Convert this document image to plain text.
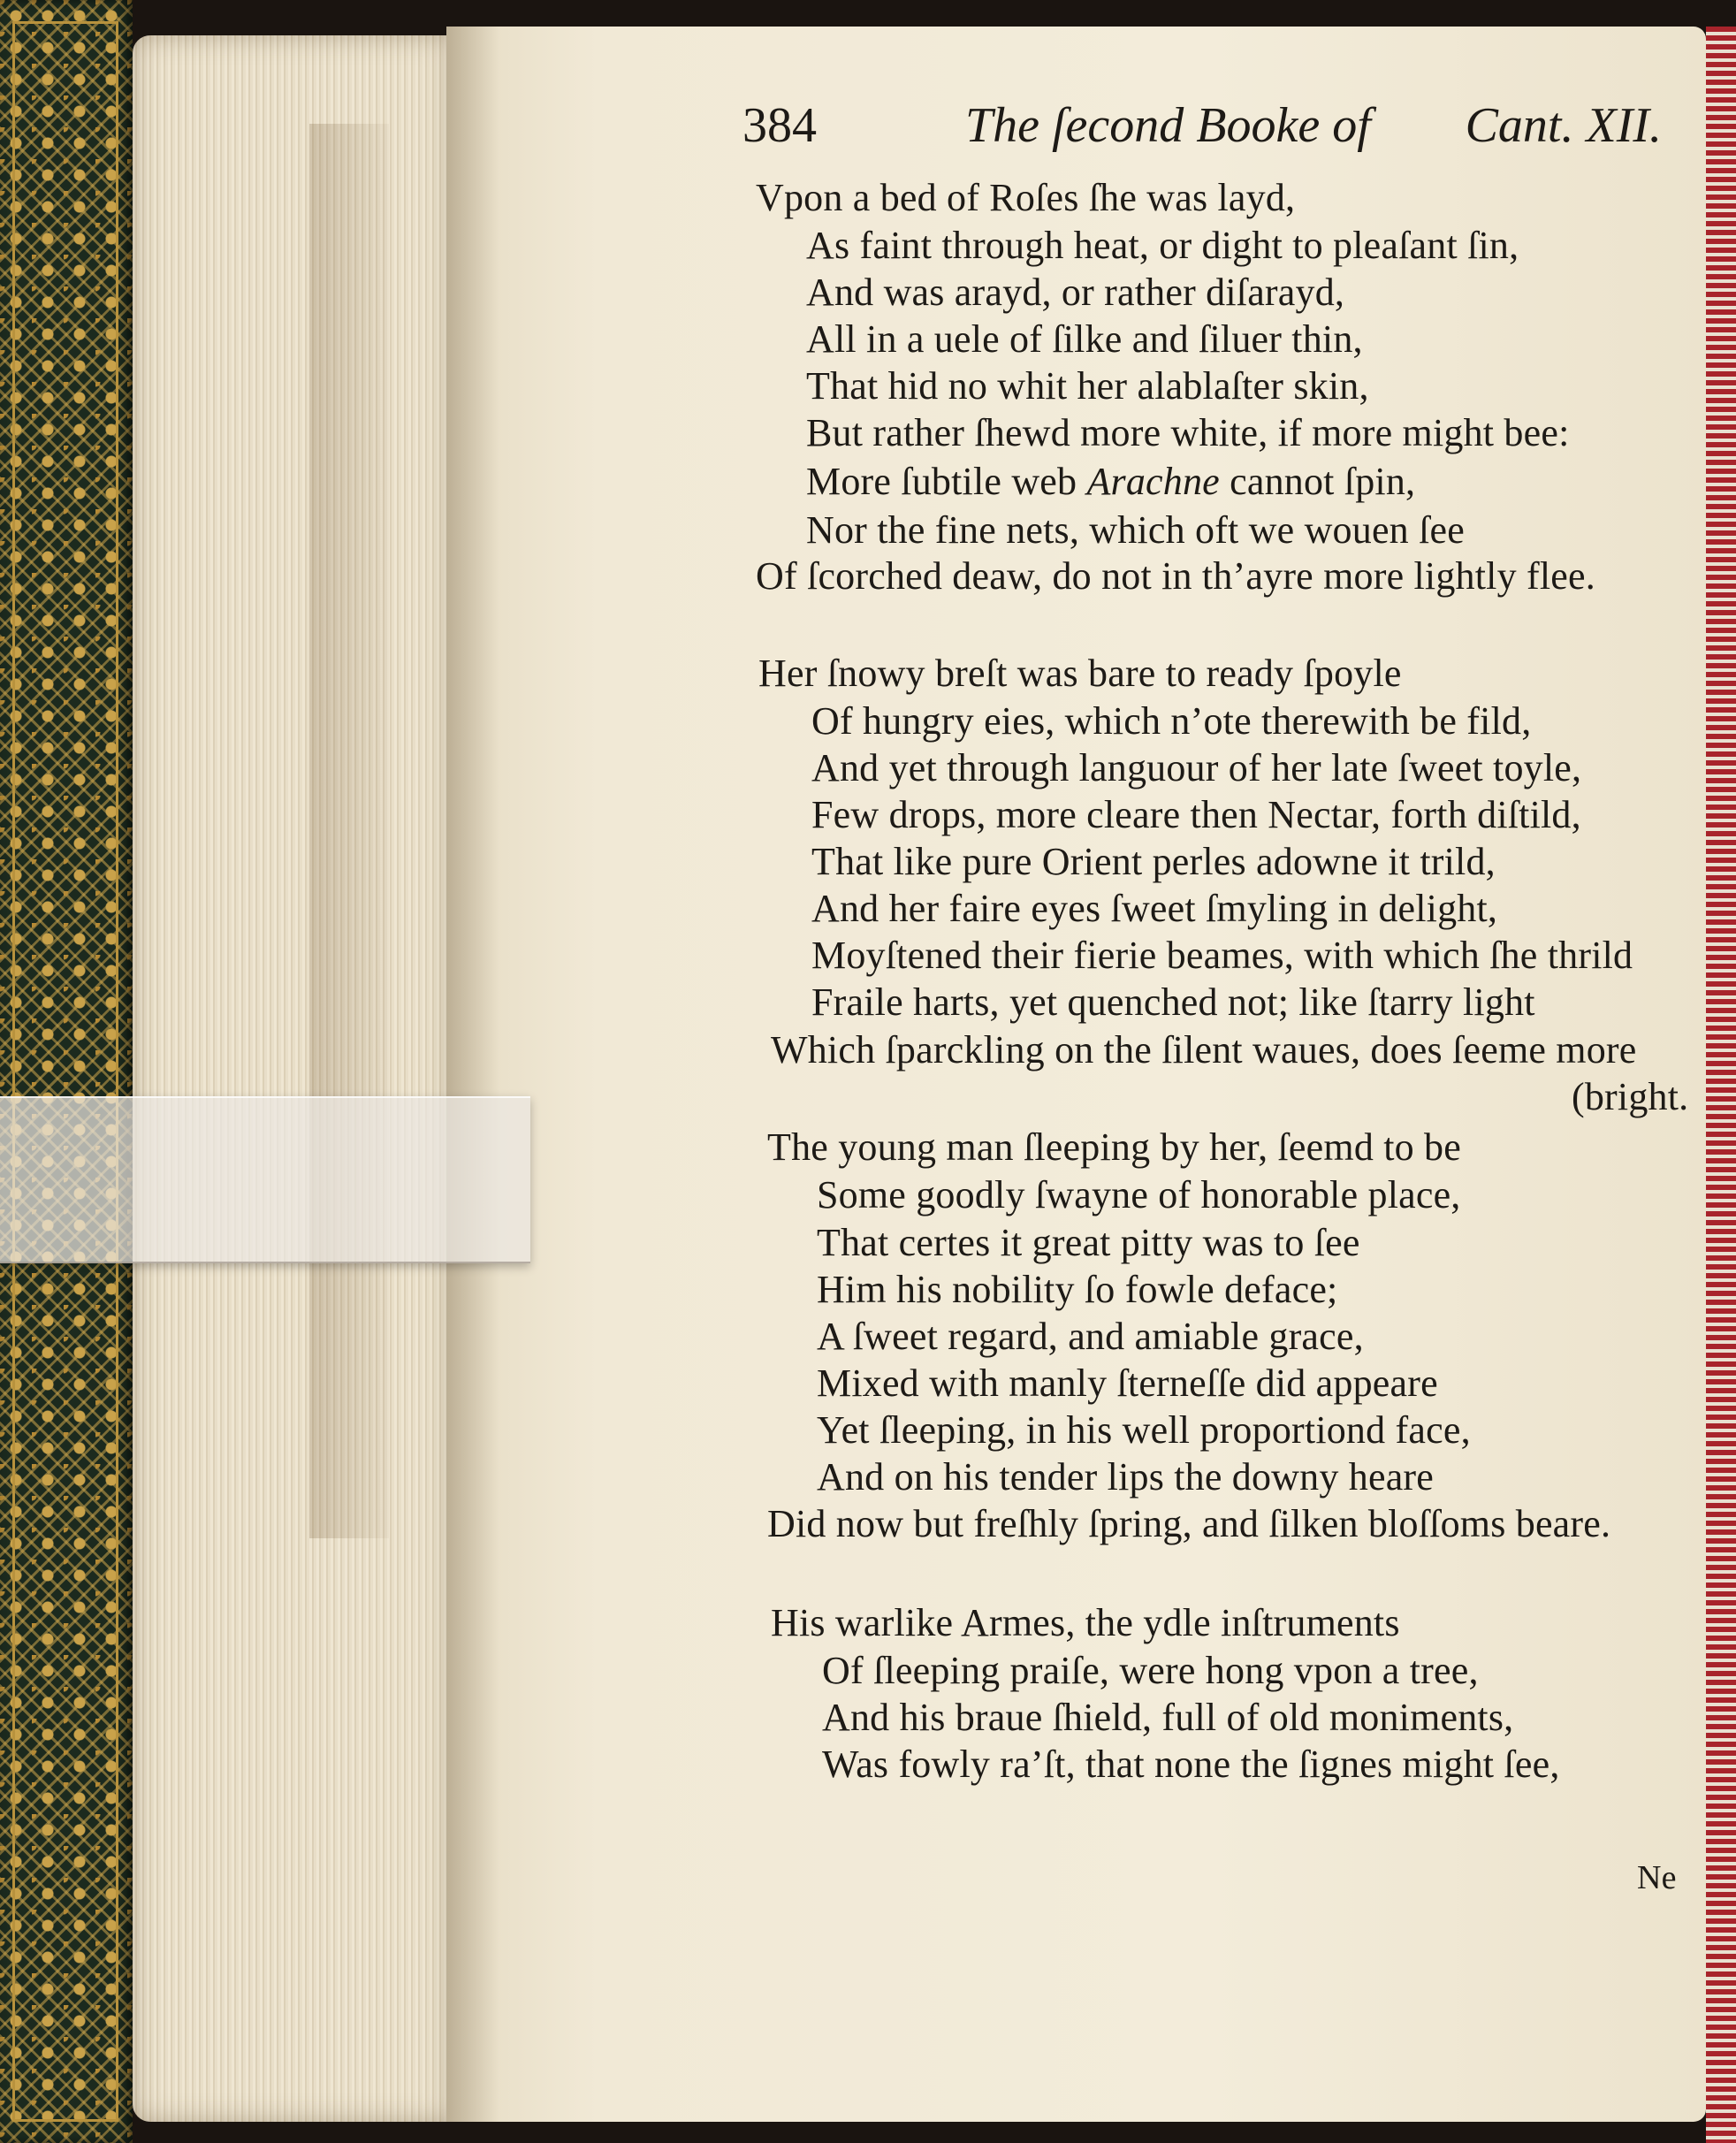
384	The ſecond Booke of Cant. XII.
Vpon a bed of Roſes ſhe was layd,
As faint through heat, or dight to pleaſant ſin,
And was arayd, or rather diſarayd,
All in a uele of ſilke and ſiluer thin,
That hid no whit her alablaſter skin,
But rather ſhewd more white, if more might bee:
More ſubtile web Arachne cannot ſpin,
Nor the fine nets, which oft we wouen ſee
Of ſcorched deaw, do not in th’ayre more lightly flee.
Her ſnowy breſt was bare to ready ſpoyle
Of hungry eies, which n’ote therewith be fild,
And yet through languour of her late ſweet toyle,
Few drops, more cleare then Nectar, forth diſtild,
That like pure Orient perles adowne it trild,
And her faire eyes ſweet ſmyling in delight,
Moyſtened their fierie beames, with which ſhe thrild
Fraile harts, yet quenched not; like ſtarry light
Which ſparckling on the ſilent waues, does ſeeme more
(bright.
The young man ſleeping by her, ſeemd to be
Some goodly ſwayne of honorable place,
That certes it great pitty was to ſee
Him his nobility ſo fowle deface;
A ſweet regard, and amiable grace,
Mixed with manly ſterneſſe did appeare
Yet ſleeping, in his well proportiond face,
And on his tender lips the downy heare
Did now but freſhly ſpring, and ſilken bloſſoms beare.
His warlike Armes, the ydle inſtruments
Of ſleeping praiſe, were hong vpon a tree,
And his braue ſhield, full of old moniments,
Was fowly ra’ſt, that none the ſignes might ſee,
Ne
